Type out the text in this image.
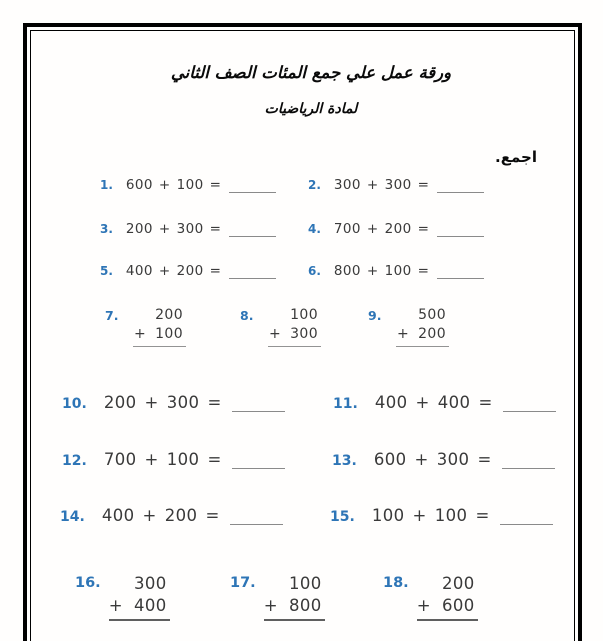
ورقة عمل علي جمع المئات الصف الثاني
لمادة الرياضيات
اجمع.
1. 600 + 100 =	2. 300 + 300 =
3. 200 + 300 =	4. 700 + 200 =
5. 400 + 200 =	6. 800 + 100 =
7.	200
+ 100
8.	100
+ 300
9.	500
+ 200
10. 200 + 300 =	11. 400 + 400 =
12. 700 + 100 =	13. 600 + 300 =
14. 400 + 200 =	15. 100 + 100 =
16. 300
+ 400
17. 100
+ 800
18. 200
+ 600
